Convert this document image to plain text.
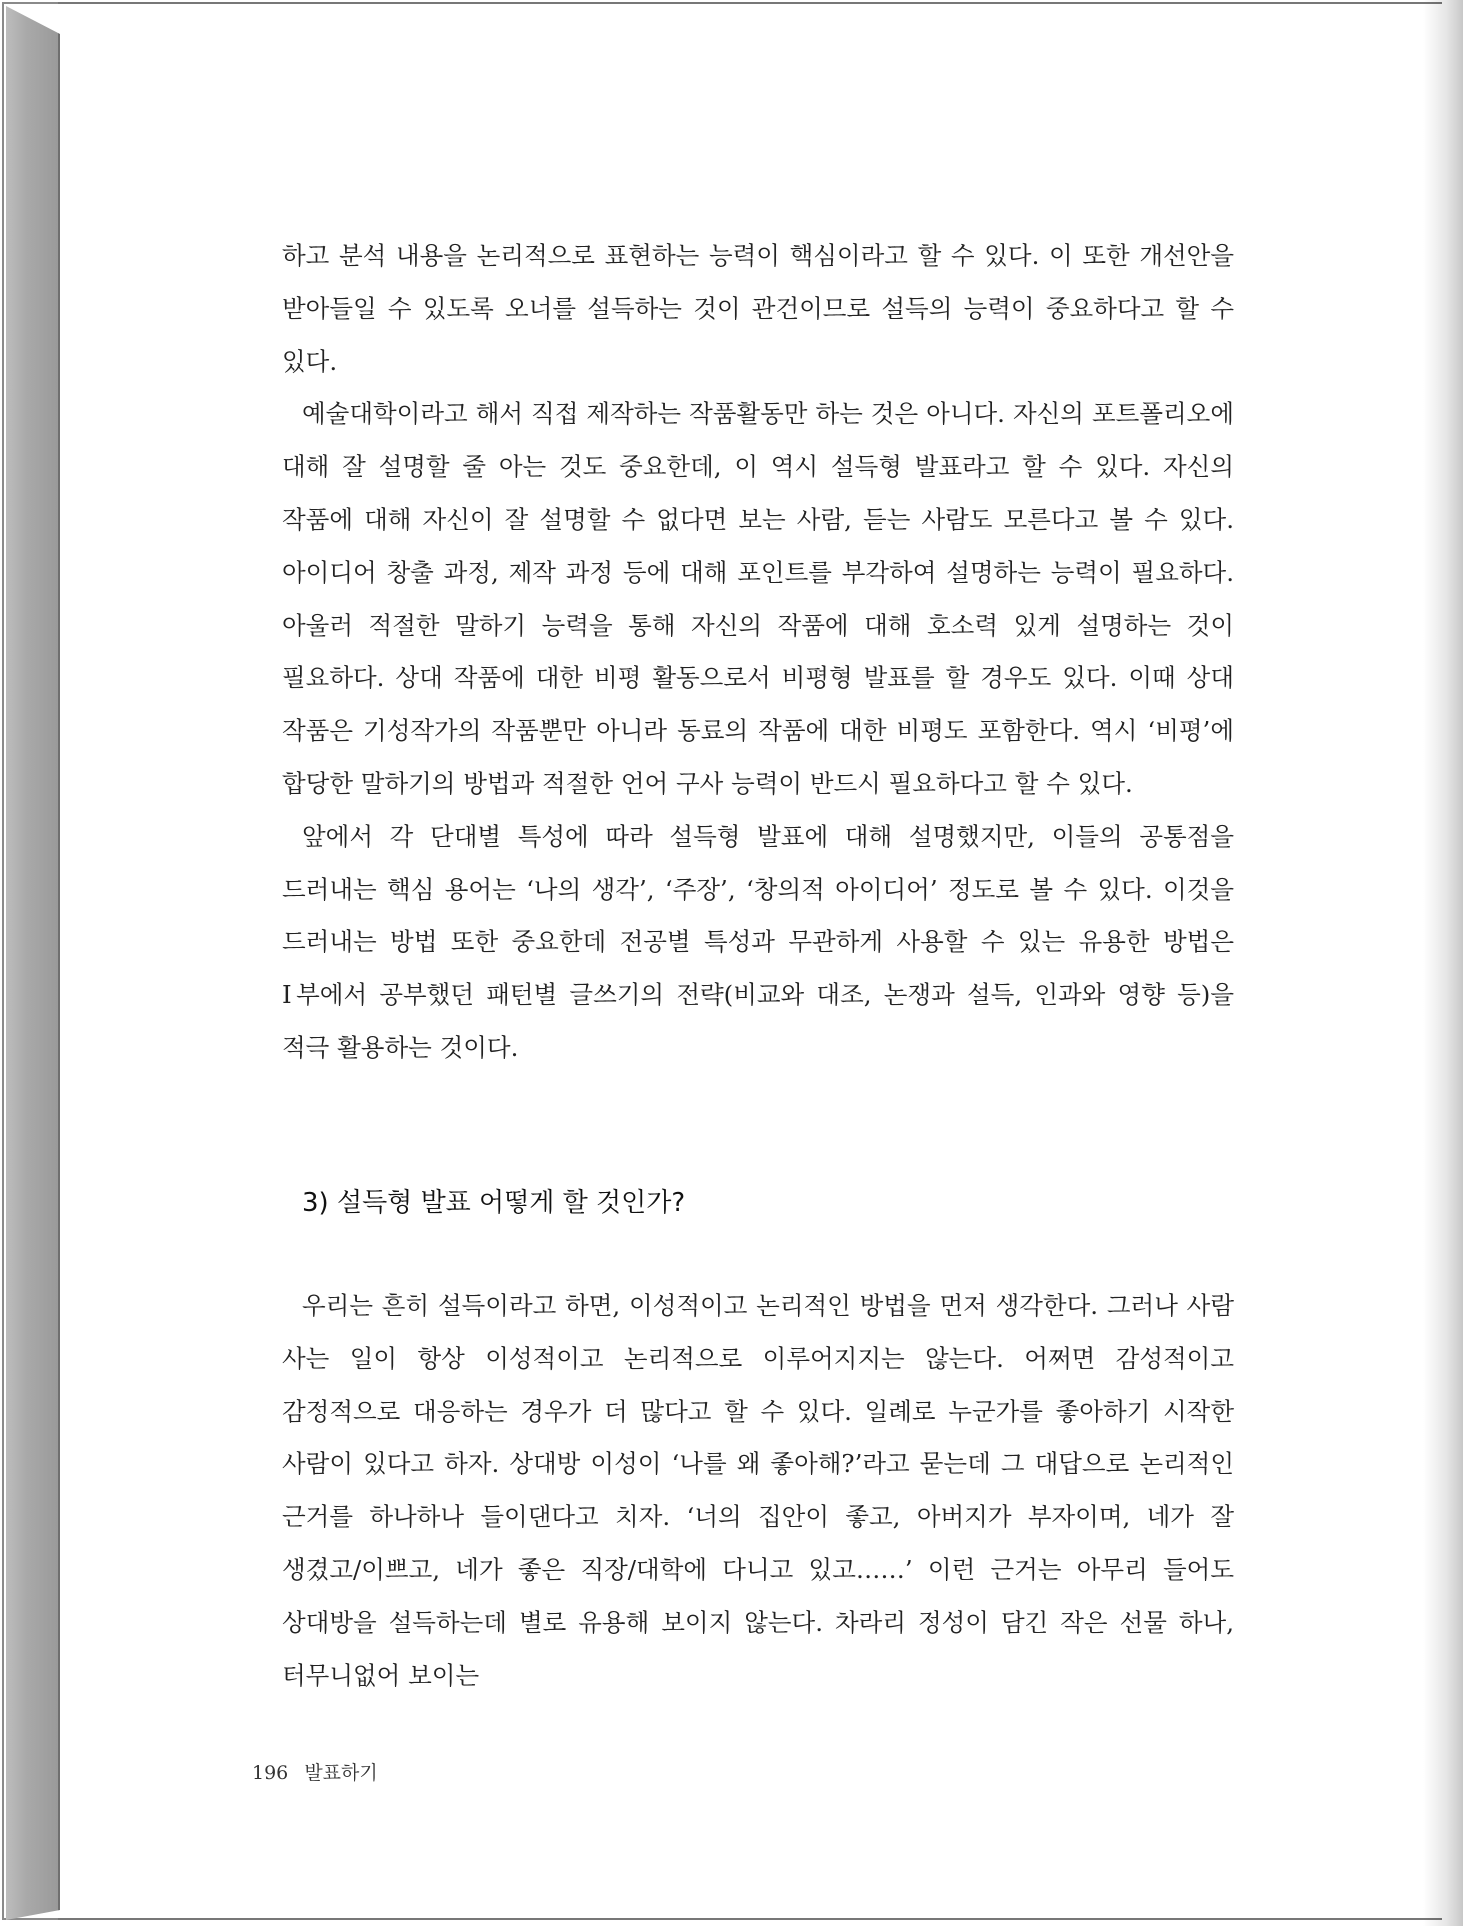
하고 분석 내용을 논리적으로 표현하는 능력이 핵심이라고 할 수 있다. 이 또한 개선안을 받아들일 수 있도록 오너를 설득하는 것이 관건이므로 설득의 능력이 중요하다고 할 수 있다.

예술대학이라고 해서 직접 제작하는 작품활동만 하는 것은 아니다. 자신의 포트폴리오에 대해 잘 설명할 줄 아는 것도 중요한데, 이 역시 설득형 발표라고 할 수 있다. 자신의 작품에 대해 자신이 잘 설명할 수 없다면 보는 사람, 듣는 사람도 모른다고 볼 수 있다. 아이디어 창출 과정, 제작 과정 등에 대해 포인트를 부각하여 설명하는 능력이 필요하다. 아울러 적절한 말하기 능력을 통해 자신의 작품에 대해 호소력 있게 설명하는 것이 필요하다. 상대 작품에 대한 비평 활동으로서 비평형 발표를 할 경우도 있다. 이때 상대 작품은 기성작가의 작품뿐만 아니라 동료의 작품에 대한 비평도 포함한다. 역시 ‘비평’에 합당한 말하기의 방법과 적절한 언어 구사 능력이 반드시 필요하다고 할 수 있다.

앞에서 각 단대별 특성에 따라 설득형 발표에 대해 설명했지만, 이들의 공통점을 드러내는 핵심 용어는 ‘나의 생각’, ‘주장’, ‘창의적 아이디어’ 정도로 볼 수 있다. 이것을 드러내는 방법 또한 중요한데 전공별 특성과 무관하게 사용할 수 있는 유용한 방법은 Ⅰ부에서 공부했던 패턴별 글쓰기의 전략(비교와 대조, 논쟁과 설득, 인과와 영향 등)을 적극 활용하는 것이다.

3) 설득형 발표 어떻게 할 것인가?

우리는 흔히 설득이라고 하면, 이성적이고 논리적인 방법을 먼저 생각한다. 그러나 사람 사는 일이 항상 이성적이고 논리적으로 이루어지지는 않는다. 어쩌면 감성적이고 감정적으로 대응하는 경우가 더 많다고 할 수 있다. 일례로 누군가를 좋아하기 시작한 사람이 있다고 하자. 상대방 이성이 ‘나를 왜 좋아해?’라고 묻는데 그 대답으로 논리적인 근거를 하나하나 들이댄다고 치자. ‘너의 집안이 좋고, 아버지가 부자이며, 네가 잘 생겼고/이쁘고, 네가 좋은 직장/대학에 다니고 있고……’ 이런 근거는 아무리 들어도 상대방을 설득하는데 별로 유용해 보이지 않는다. 차라리 정성이 담긴 작은 선물 하나, 터무니없어 보이는

196 발표하기
